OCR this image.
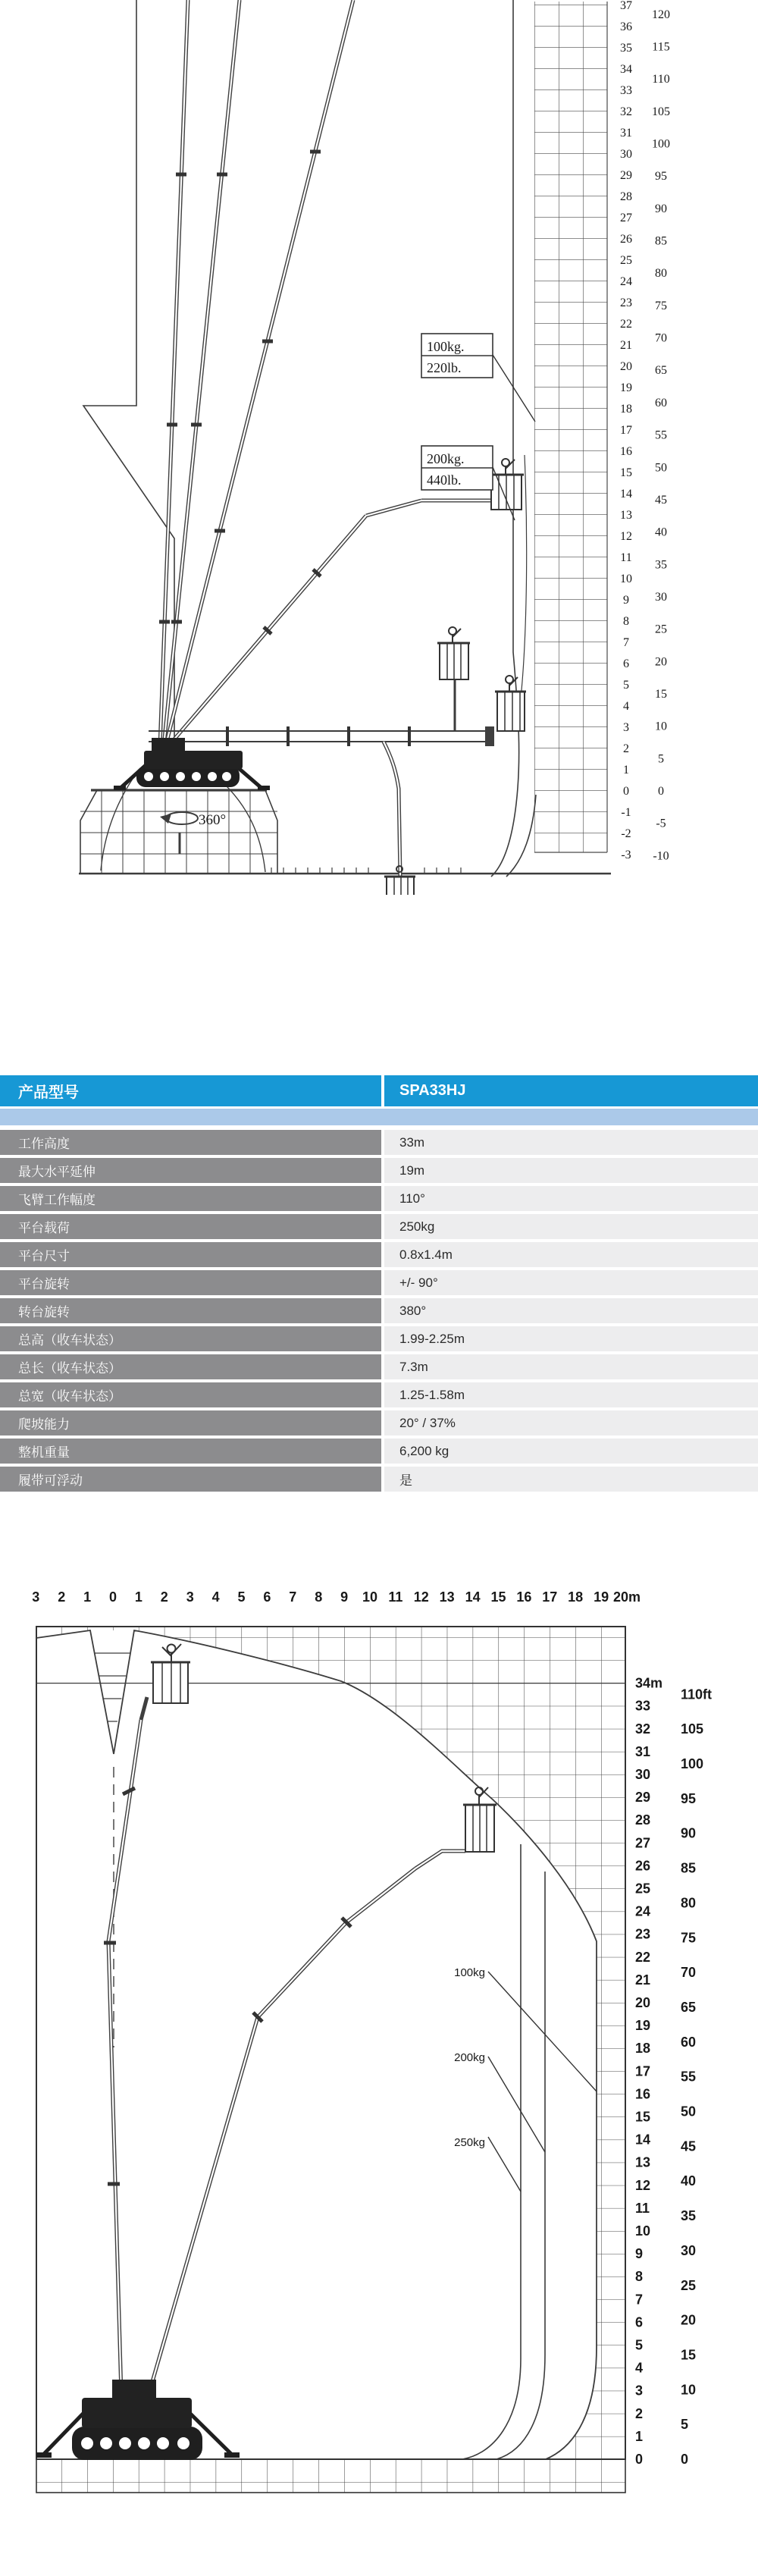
37
36
35
34
33
32
31
30
29
28
27
26
25
24
23
22
21
20
19
18
17
16
15
14
13
12
11
10
9
8
7
6
5
4
3
2
1
0
-1
-2
-3
120
115
110
105
100
95
90
85
80
75
70
65
60
55
50
45
40
35
30
25
20
15
10
5
0
-5
-10
100kg.
220lb.
200kg.
440lb.
360°
产品型号	SPA33HJ
工作高度	33m
最大水平延伸	19m
飞臂工作幅度	110°
平台载荷	250kg
平台尺寸	0.8x1.4m
平台旋转	+/- 90°
转台旋转	380°
总高（收车状态）	1.99-2.25m
总长（收车状态）	7.3m
总宽（收车状态）	1.25-1.58m
爬坡能力	20° / 37%
整机重量	6,200 kg
履带可浮动	是
3 2 1 0 1 2 3 4 5 6 7 8 9 10 11 12 13 14 15 16 17 18 19 20m
34m
33
32
31
30
29
28
27
26
25
24
23
22
21
20
19
18
17
16
15
14
13
12
11
10
9
8
7
6
5
4
3
2
1
0
110ft
105
100
95
90
85
80
75
70
65
60
55
50
45
40
35
30
25
20
15
10
5
0
100kg
200kg
250kg
